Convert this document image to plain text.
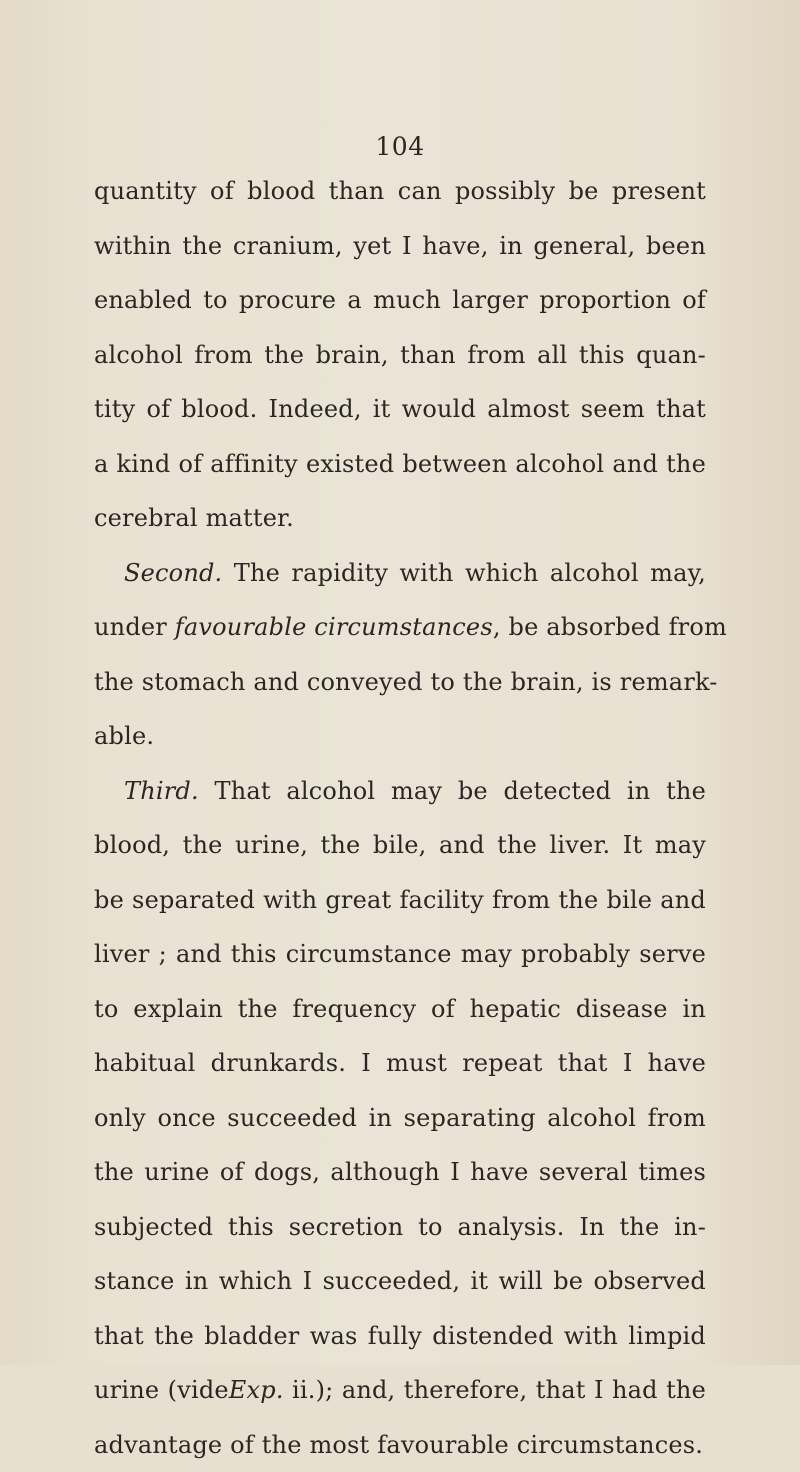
104
quantity of blood than can possibly be present
within the cranium, yet I have, in general, been
enabled to procure a much larger proportion of
alcohol from the brain, than from all this quan-
tity of blood. Indeed, it would almost seem that
a kind of affinity existed between alcohol and the
cerebral matter.
Second. The rapidity with which alcohol may,
under favourable circumstances, be absorbed from
the stomach and conveyed to the brain, is remark-
able.
Third. That alcohol may be detected in the
blood, the urine, the bile, and the liver. It may
be separated with great facility from the bile and
liver ; and this circumstance may probably serve
to explain the frequency of hepatic disease in
habitual drunkards. I must repeat that I have
only once succeeded in separating alcohol from
the urine of dogs, although I have several times
subjected this secretion to analysis. In the in-
stance in which I succeeded, it will be observed
that the bladder was fully distended with limpid
urine (videExp. ii.); and, therefore, that I had the
advantage of the most favourable circumstances.
